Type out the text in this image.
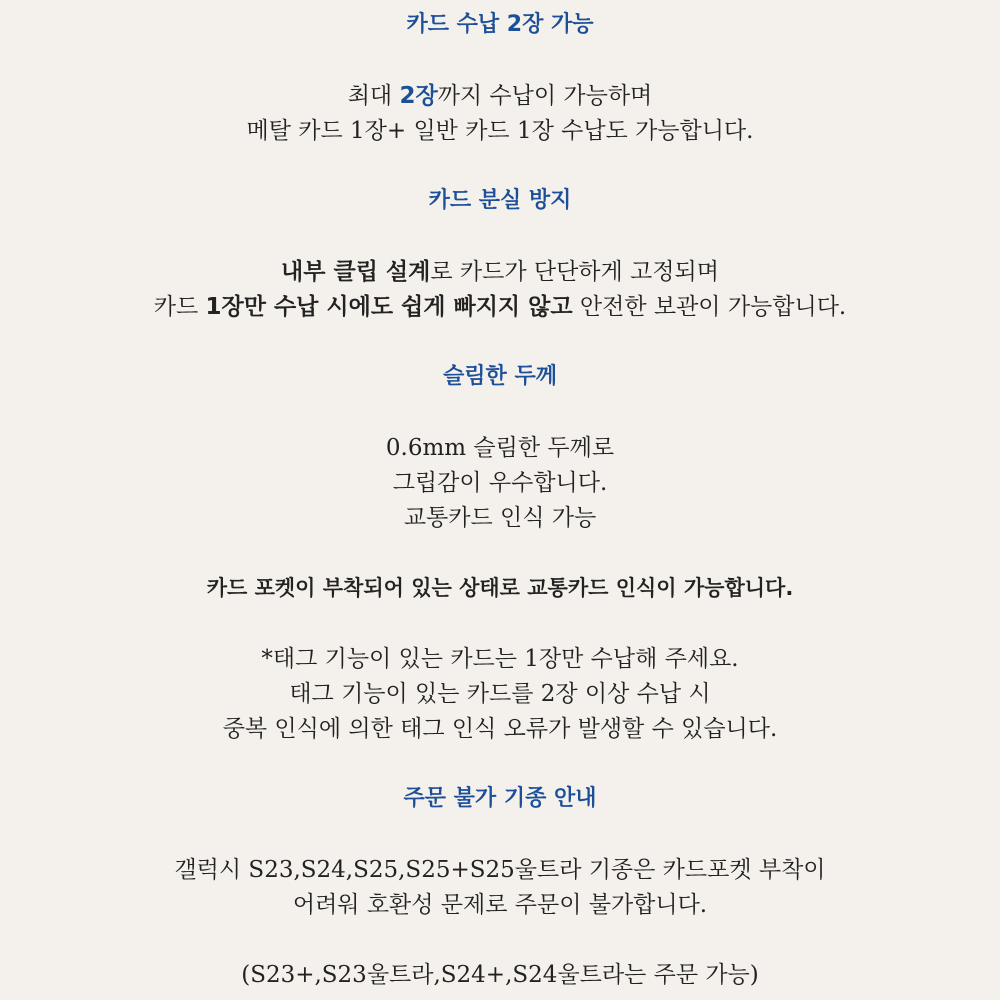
카드 수납 2장 가능
최대 2장까지 수납이 가능하며
메탈 카드 1장+ 일반 카드 1장 수납도 가능합니다.
카드 분실 방지
내부 클립 설계로 카드가 단단하게 고정되며
카드 1장만 수납 시에도 쉽게 빠지지 않고 안전한 보관이 가능합니다.
슬림한 두께
0.6mm 슬림한 두께로
그립감이 우수합니다.
교통카드 인식 가능
카드 포켓이 부착되어 있는 상태로 교통카드 인식이 가능합니다.
*태그 기능이 있는 카드는 1장만 수납해 주세요.
태그 기능이 있는 카드를 2장 이상 수납 시
중복 인식에 의한 태그 인식 오류가 발생할 수 있습니다.
주문 불가 기종 안내
갤럭시 S23,S24,S25,S25+S25울트라 기종은 카드포켓 부착이
어려워 호환성 문제로 주문이 불가합니다.
(S23+,S23울트라,S24+,S24울트라는 주문 가능)
